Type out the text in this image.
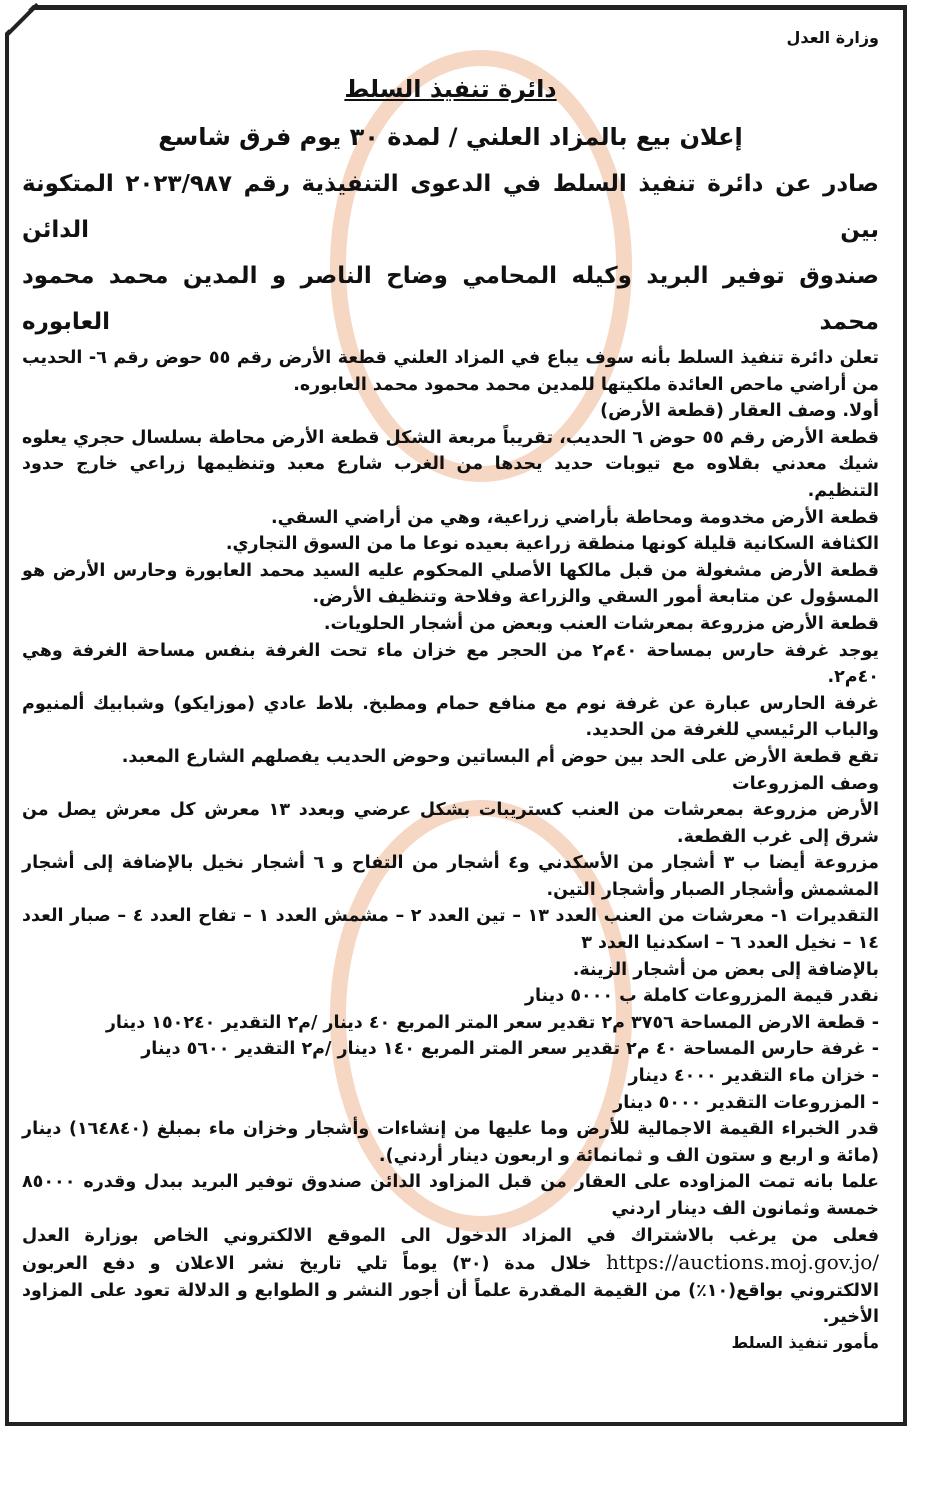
وزارة العدل
دائرة تنفيذ السلط
إعلان بيع بالمزاد العلني / لمدة ٣٠ يوم فرق شاسع
صادر عن دائرة تنفيذ السلط في الدعوى التنفيذية رقم ٢٠٢٣/٩٨٧ المتكونة بين الدائن
صندوق توفير البريد وكيله المحامي وضاح الناصر و المدين محمد محمود محمد العابوره

تعلن دائرة تنفيذ السلط بأنه سوف يباع في المزاد العلني قطعة الأرض رقم ٥٥ حوض رقم ٦- الحديب من أراضي ماحص العائدة ملكيتها للمدين محمد محمود محمد العابوره.

أولا. وصف العقار (قطعة الأرض)

قطعة الأرض رقم ٥٥ حوض ٦ الحديب، تقريباً مربعة الشكل قطعة الأرض محاطة بسلسال حجري يعلوه شيك معدني بقلاوه مع تيوبات حديد يحدها من الغرب شارع معبد وتنظيمها زراعي خارج حدود التنظيم.

قطعة الأرض مخدومة ومحاطة بأراضي زراعية، وهي من أراضي السقي.

الكثافة السكانية قليلة كونها منطقة زراعية بعيده نوعا ما من السوق التجاري.

قطعة الأرض مشغولة من قبل مالكها الأصلي المحكوم عليه السيد محمد العابورة وحارس الأرض هو المسؤول عن متابعة أمور السقي والزراعة وفلاحة وتنظيف الأرض.

قطعة الأرض مزروعة بمعرشات العنب وبعض من أشجار الحلويات.

يوجد غرفة حارس بمساحة ٤٠م٢ من الحجر مع خزان ماء تحت الغرفة بنفس مساحة الغرفة وهي ٤٠م٢.

غرفة الحارس عبارة عن غرفة نوم مع منافع حمام ومطبخ. بلاط عادي (موزايكو) وشبابيك ألمنيوم والباب الرئيسي للغرفة من الحديد.

تقع قطعة الأرض على الحد بين حوض أم البساتين وحوض الحديب يفصلهم الشارع المعبد.

وصف المزروعات

الأرض مزروعة بمعرشات من العنب كستريبات بشكل عرضي وبعدد ١٣ معرش كل معرش يصل من شرق إلى غرب القطعة.

مزروعة أيضا ب ٣ أشجار من الأسكدني و٤ أشجار من التفاح و ٦ أشجار نخيل بالإضافة إلى أشجار المشمش وأشجار الصبار وأشجار التين.

التقديرات ١- معرشات من العنب العدد ١٣ – تين العدد ٢ – مشمش العدد ١ – تفاح العدد ٤ – صبار العدد ١٤ – نخيل العدد ٦ – اسكدنيا العدد ٣

بالإضافة إلى بعض من أشجار الزينة.

نقدر قيمة المزروعات كاملة ب ٥٠٠٠ دينار

- قطعة الارض المساحة ٣٧٥٦ م٢ تقدير سعر المتر المربع ٤٠ دينار /م٢ التقدير ١٥٠٢٤٠ دينار

- غرفة حارس المساحة ٤٠ م٢ تقدير سعر المتر المربع ١٤٠ دينار /م٢ التقدير ٥٦٠٠ دينار

- خزان ماء التقدير ٤٠٠٠ دينار

- المزروعات التقدير ٥٠٠٠ دينار

قدر الخبراء القيمة الاجمالية للأرض وما عليها من إنشاءات وأشجار وخزان ماء بمبلغ (١٦٤٨٤٠) دينار (مائة و اربع و ستون الف و ثمانمائة و اربعون دينار أردني).

علما بانه تمت المزاوده على العقار من قبل المزاود الدائن صندوق توفير البريد ببدل وقدره ٨٥٠٠٠ خمسة وثمانون الف دينار اردني

فعلى من يرغب بالاشتراك في المزاد الدخول الى الموقع الالكتروني الخاص بوزارة العدل https://auctions.moj.gov.jo/ خلال مدة (٣٠) يوماً تلي تاريخ نشر الاعلان و دفع العربون الالكتروني بواقع(١٠٪) من القيمة المقدرة علماً أن أجور النشر و الطوابع و الدلالة تعود على المزاود الأخير.

مأمور تنفيذ السلط
